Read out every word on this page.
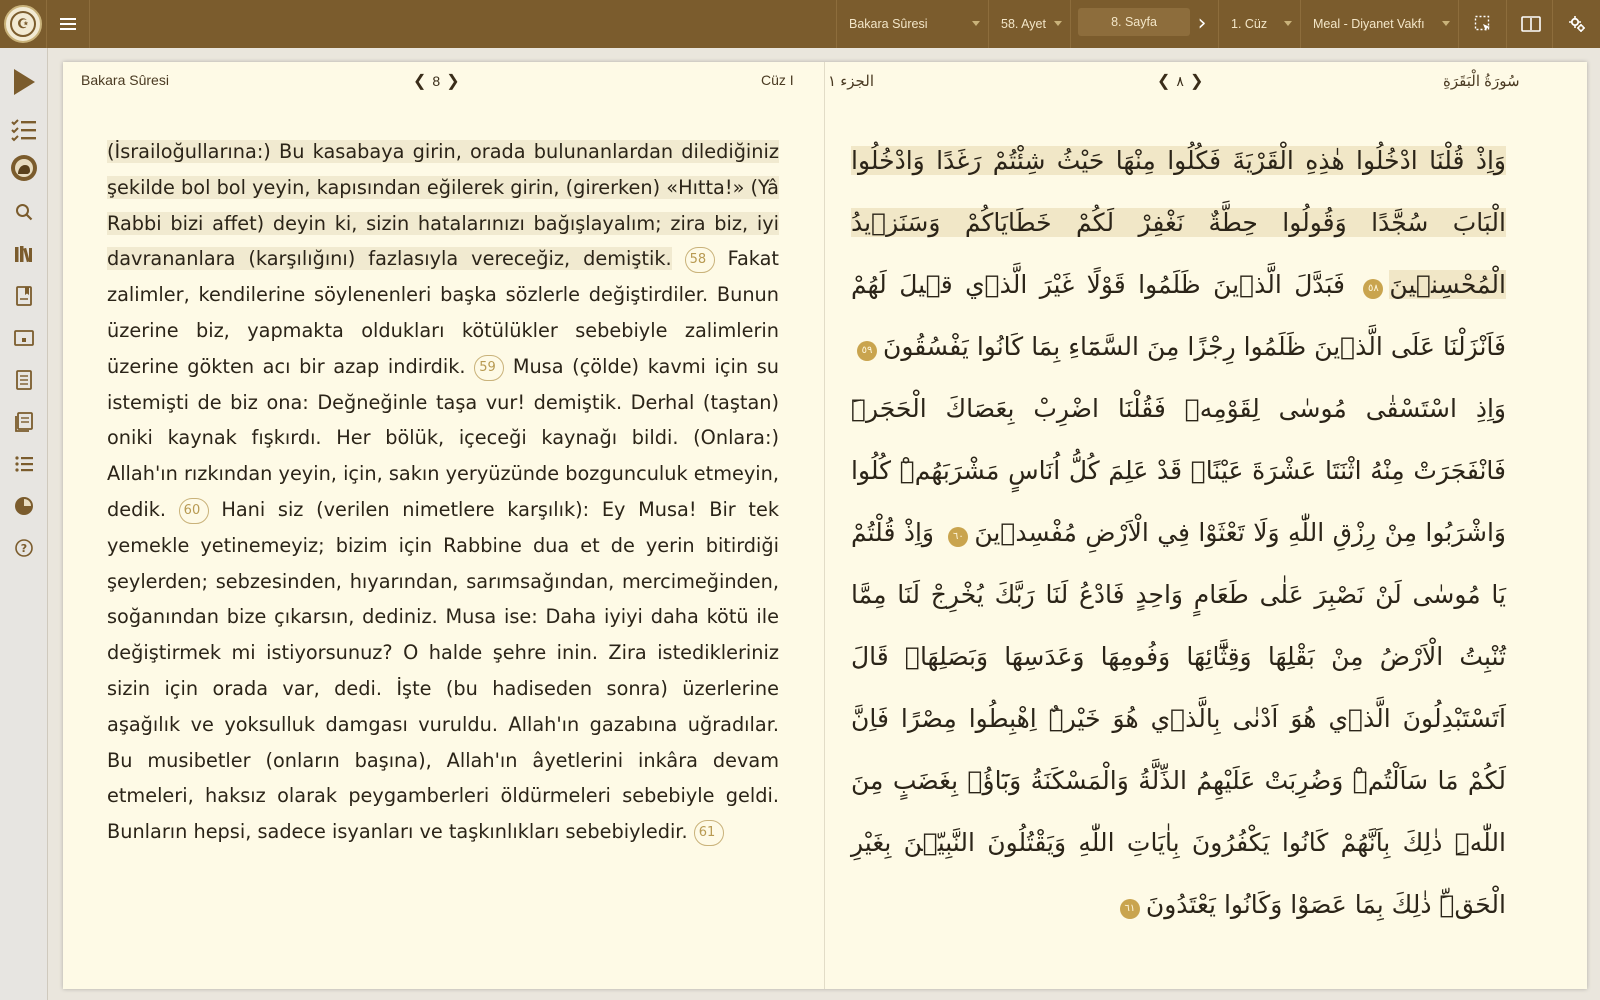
☪	Bakara Sûresi	58. Ayet	8. Sayfa ›	1. Cüz	Meal - Diyanet Vakfı
?
Bakara Sûresi	❮ 8 ❯	Cüz I الجزء ١	❮ ٨ ❯	سُورَةُ الْبَقَرَةِ
(İsrailoğullarına:) Bu kasabaya girin, orada bulunanlardan dilediğiniz şekilde bol bol yeyin, kapısından eğilerek girin, (girerken) «Hıtta!» (Yâ Rabbi bizi affet) deyin ki, sizin hatalarınızı bağışlayalım; zira biz, iyi davrananlara (karşılığını) fazlasıyla vereceğiz, demiştik. 58 Fakat zalimler, kendilerine söylenenleri başka sözlerle değiştirdiler. Bunun üzerine biz, yapmakta oldukları kötülükler sebebiyle zalimlerin üzerine gökten acı bir azap indirdik. 59 Musa (çölde) kavmi için su istemişti de biz ona: Değneğinle taşa vur! demiştik. Derhal (taştan) oniki kaynak fışkırdı. Her bölük, içeceği kaynağı bildi. (Onlara:) Allah'ın rızkından yeyin, için, sakın yeryüzünde bozgunculuk etmeyin, dedik. 60 Hani siz (verilen nimetlere karşılık): Ey Musa! Bir tek yemekle yetinemeyiz; bizim için Rabbine dua et de yerin bitirdiği şeylerden; sebzesinden, hıyarından, sarımsağından, mercimeğinden, soğanından bize çıkarsın, dediniz. Musa ise: Daha iyiyi daha kötü ile değiştirmek mi istiyorsunuz? O halde şehre inin. Zira istedikleriniz sizin için orada var, dedi. İşte (bu hadiseden sonra) üzerlerine aşağılık ve yoksulluk damgası vuruldu. Allah'ın gazabına uğradılar. Bu musibetler (onların başına), Allah'ın âyetlerini inkâra devam etmeleri, haksız olarak peygamberleri öldürmeleri sebebiyle geldi. Bunların hepsi, sadece isyanları ve taşkınlıkları sebebiyledir. 61
وَاِذْ قُلْنَا ادْخُلُوا هٰذِهِ الْقَرْيَةَ فَكُلُوا مِنْهَا حَيْثُ شِئْتُمْ رَغَدًا وَادْخُلُوا الْبَابَ سُجَّدًا وَقُولُوا حِطَّةٌ نَغْفِرْ لَكُمْ خَطَايَاكُمْ وَسَنَز۪يدُ الْمُحْسِن۪ينَ٥٨ فَبَدَّلَ الَّذ۪ينَ ظَلَمُوا قَوْلًا غَيْرَ الَّذ۪ي ق۪يلَ لَهُمْ فَاَنْزَلْنَا عَلَى الَّذ۪ينَ ظَلَمُوا رِجْزًا مِنَ السَّمَٓاءِ بِمَا كَانُوا يَفْسُقُونَ٥٩ وَاِذِ اسْتَسْقٰى مُوسٰى لِقَوْمِه۪ فَقُلْنَا اضْرِبْ بِعَصَاكَ الْحَجَرَۜ فَانْفَجَرَتْ مِنْهُ اثْنَتَا عَشْرَةَ عَيْنًاۜ قَدْ عَلِمَ كُلُّ اُنَاسٍ مَشْرَبَهُمْۜ كُلُوا وَاشْرَبُوا مِنْ رِزْقِ اللّٰهِ وَلَا تَعْثَوْا فِي الْاَرْضِ مُفْسِد۪ينَ٦٠ وَاِذْ قُلْتُمْ يَا مُوسٰى لَنْ نَصْبِرَ عَلٰى طَعَامٍ وَاحِدٍ فَادْعُ لَنَا رَبَّكَ يُخْرِجْ لَنَا مِمَّا تُنْبِتُ الْاَرْضُ مِنْ بَقْلِهَا وَقِثَّٓائِهَا وَفُومِهَا وَعَدَسِهَا وَبَصَلِهَاۜ قَالَ اَتَسْتَبْدِلُونَ الَّذ۪ي هُوَ اَدْنٰى بِالَّذ۪ي هُوَ خَيْرٌۜ اِهْبِطُوا مِصْرًا فَاِنَّ لَكُمْ مَا سَاَلْتُمْۜ وَضُرِبَتْ عَلَيْهِمُ الذِّلَّةُ وَالْمَسْكَنَةُ وَبَٓاؤُ۫ بِغَضَبٍ مِنَ اللّٰهِۜ ذٰلِكَ بِاَنَّهُمْ كَانُوا يَكْفُرُونَ بِاٰيَاتِ اللّٰهِ وَيَقْتُلُونَ النَّبِيّ۪نَ بِغَيْرِ الْحَقِّۜ ذٰلِكَ بِمَا عَصَوْا وَكَانُوا يَعْتَدُونَ٦١
